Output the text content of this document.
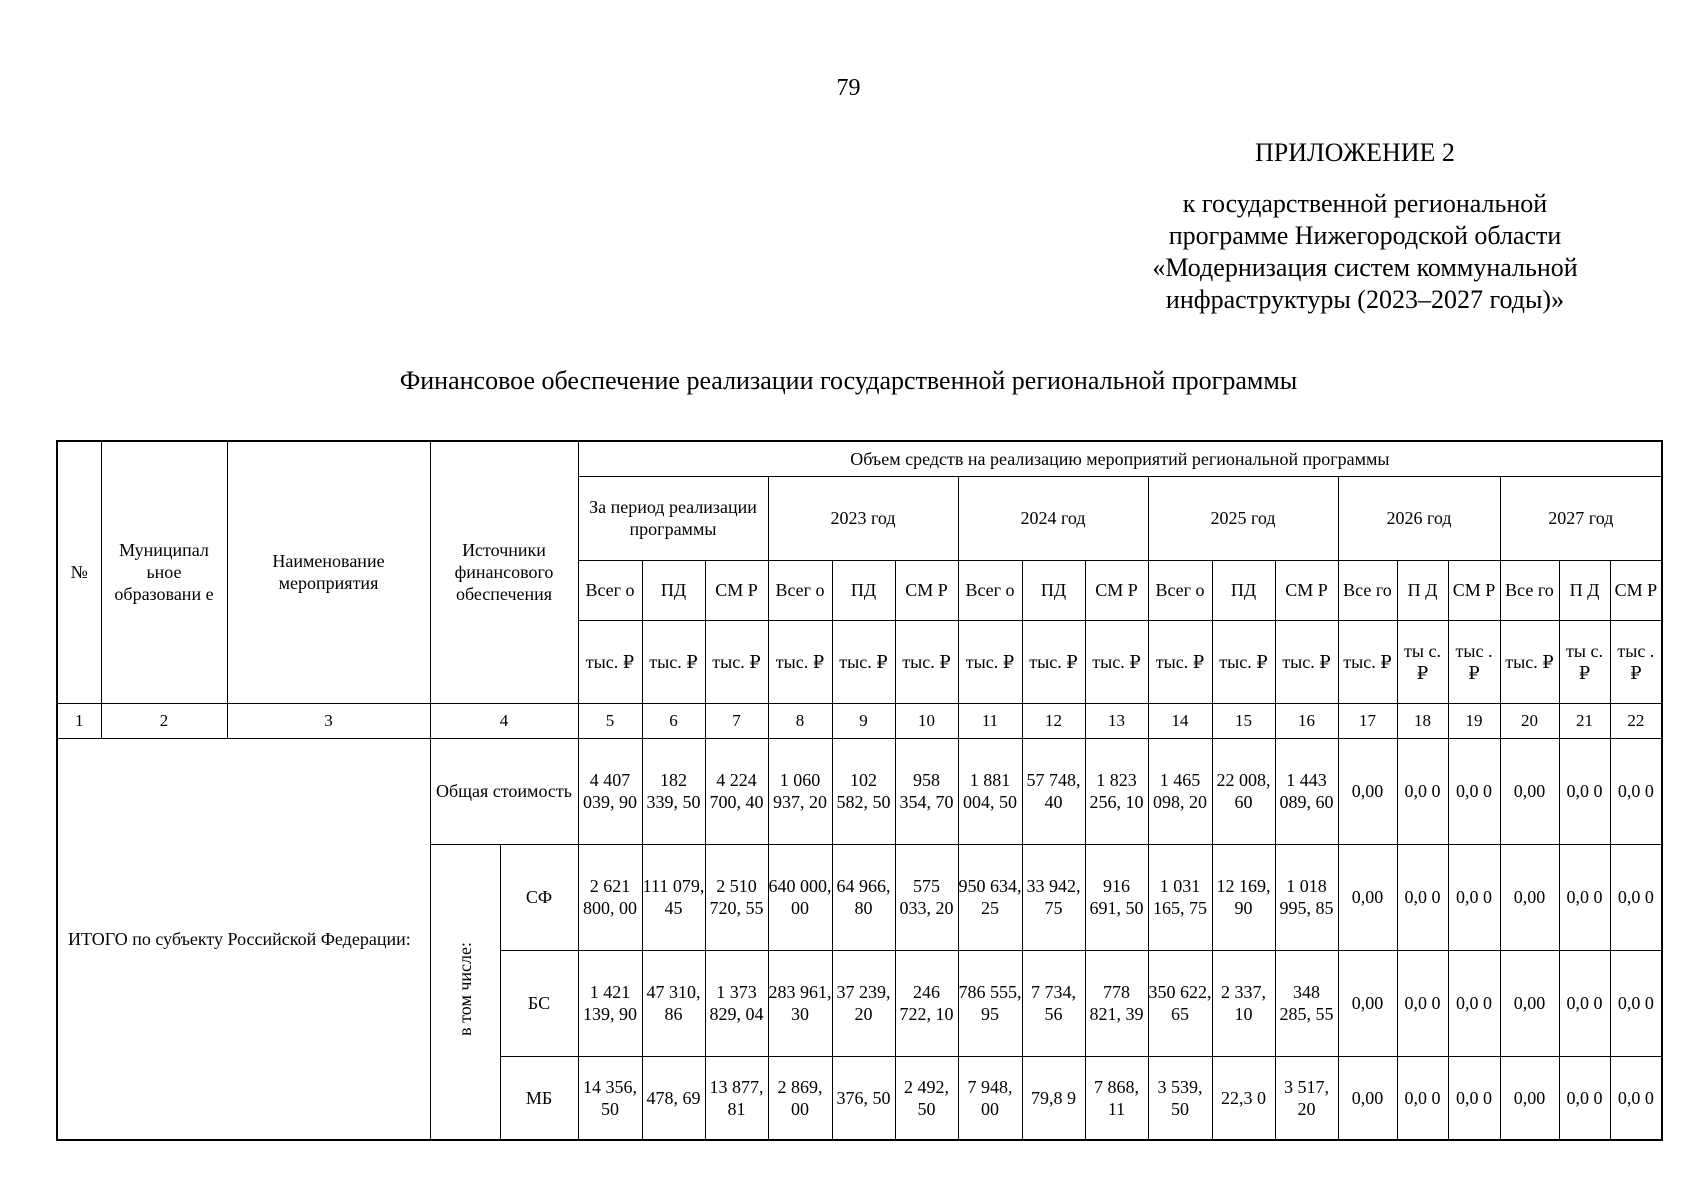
79
ПРИЛОЖЕНИЕ 2
к государственной региональной
программе Нижегородской области
«Модернизация систем коммунальной
инфраструктуры (2023–2027 годы)»
Финансовое обеспечение реализации государственной региональной программы
№	Муниципал ьное образовани е	Наименование мероприятия	Источники финансового обеспечения		Объем средств на реализацию мероприятий региональной программы																	
					За период реализации программы			2023 год			2024 год			2025 год			2026 год			2027 год		
					Всег о	ПД	СМ Р	Всег о	ПД	СМ Р	Всег о	ПД	СМ Р	Всег о	ПД	СМ Р	Все го	П Д	СМ Р	Все го	П Д	СМ Р
					тыс. ₽	тыс. ₽	тыс. ₽	тыс. ₽	тыс. ₽	тыс. ₽	тыс. ₽	тыс. ₽	тыс. ₽	тыс. ₽	тыс. ₽	тыс. ₽	тыс. ₽	ты с. ₽	тыс . ₽	тыс. ₽	ты с. ₽	тыс . ₽
1	2	3	4		5	6	7	8	9	10	11	12	13	14	15	16	17	18	19	20	21	22
ИТОГО по субъекту Российской Федерации:			Общая стоимость		4 407 039, 90	182 339, 50	4 224 700, 40	1 060 937, 20	102 582, 50	958 354, 70	1 881 004, 50	57 748, 40	1 823 256, 10	1 465 098, 20	22 008, 60	1 443 089, 60	0,00	0,0 0	0,0 0	0,00	0,0 0	0,0 0
			в том числе:	СФ	2 621 800, 00	111 079, 45	2 510 720, 55	640 000, 00	64 966, 80	575 033, 20	950 634, 25	33 942, 75	916 691, 50	1 031 165, 75	12 169, 90	1 018 995, 85	0,00	0,0 0	0,0 0	0,00	0,0 0	0,0 0
				БС	1 421 139, 90	47 310, 86	1 373 829, 04	283 961, 30	37 239, 20	246 722, 10	786 555, 95	7 734, 56	778 821, 39	350 622, 65	2 337, 10	348 285, 55	0,00	0,0 0	0,0 0	0,00	0,0 0	0,0 0
				МБ	14 356, 50	478, 69	13 877, 81	2 869, 00	376, 50	2 492, 50	7 948, 00	79,8 9	7 868, 11	3 539, 50	22,3 0	3 517, 20	0,00	0,0 0	0,0 0	0,00	0,0 0	0,0 0
